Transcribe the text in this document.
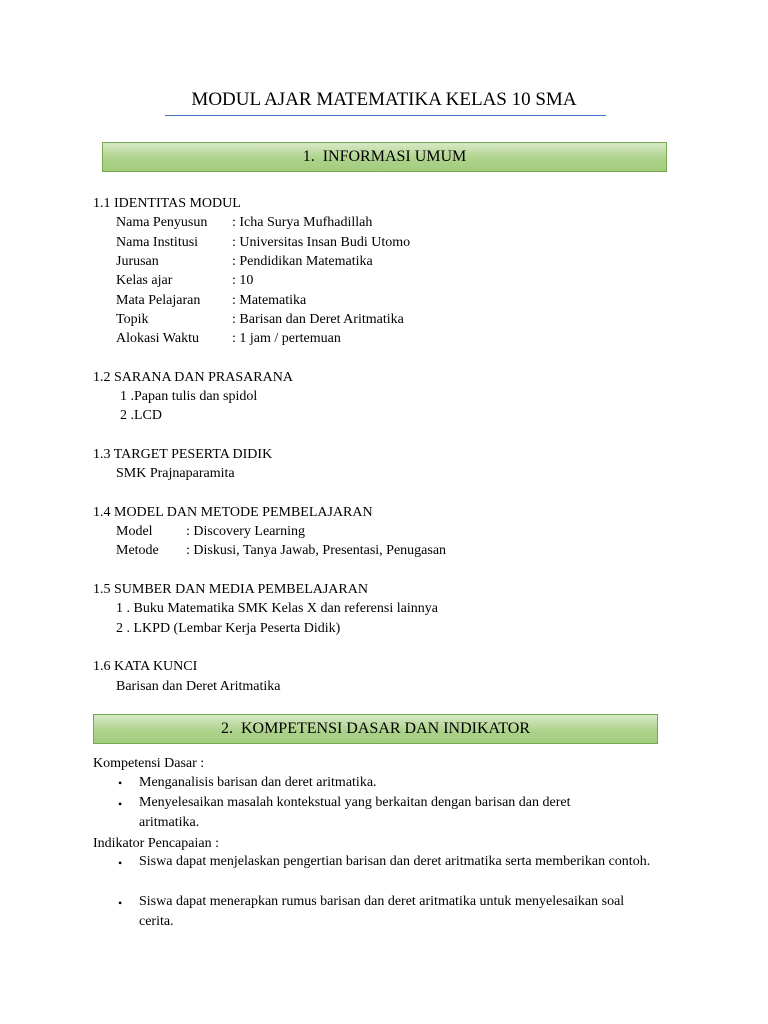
MODUL AJAR MATEMATIKA KELAS 10 SMA
1. INFORMASI UMUM
1.1 IDENTITAS MODUL
Nama Penyusun : Icha Surya Mufhadillah
Nama Institusi : Universitas Insan Budi Utomo
Jurusan	: Pendidikan Matematika
Kelas ajar	: 10
Mata Pelajaran : Matematika
Topik	: Barisan dan Deret Aritmatika
Alokasi Waktu : 1 jam / pertemuan
1.2 SARANA DAN PRASARANA
1 .Papan tulis dan spidol
2 .LCD
1.3 TARGET PESERTA DIDIK
SMK Prajnaparamita
1.4 MODEL DAN METODE PEMBELAJARAN
Model : Discovery Learning
Metode : Diskusi, Tanya Jawab, Presentasi, Penugasan
1.5 SUMBER DAN MEDIA PEMBELAJARAN
1 . Buku Matematika SMK Kelas X dan referensi lainnya
2 . LKPD (Lembar Kerja Peserta Didik)
1.6 KATA KUNCI
Barisan dan Deret Aritmatika
2. KOMPETENSI DASAR DAN INDIKATOR
Kompetensi Dasar :
• Menganalisis barisan dan deret aritmatika.
• Menyelesaikan masalah kontekstual yang berkaitan dengan barisan dan deret aritmatika.
Indikator Pencapaian :
• Siswa dapat menjelaskan pengertian barisan dan deret aritmatika serta memberikan contoh.
• Siswa dapat menerapkan rumus barisan dan deret aritmatika untuk menyelesaikan soal cerita.
